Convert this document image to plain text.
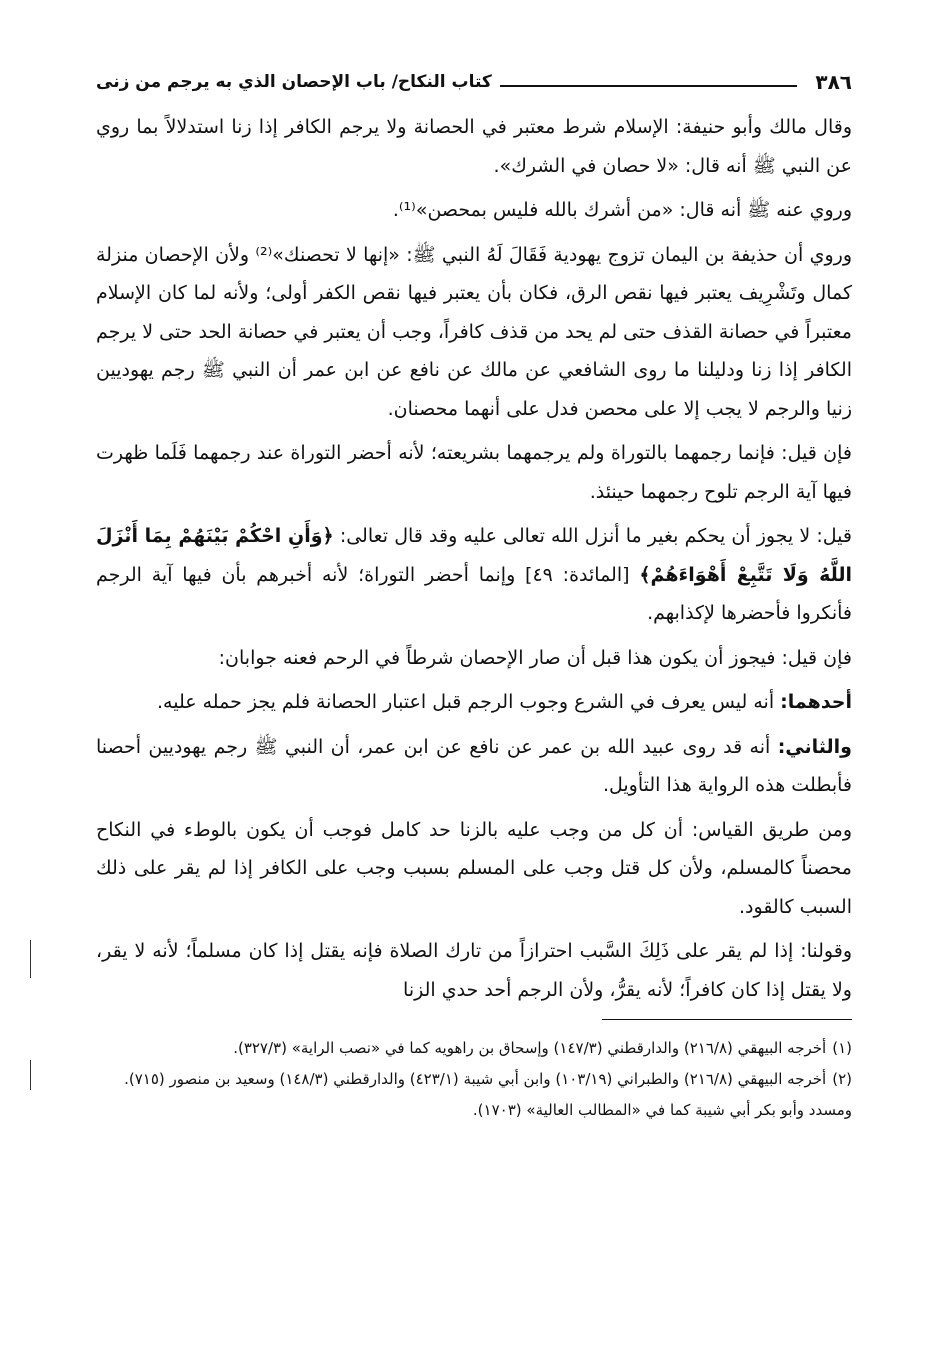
٣٨٦
كتاب النكاح/ باب الإحصان الذي به يرجم من زنى

وقال مالك وأبو حنيفة: الإسلام شرط معتبر في الحصانة ولا يرجم الكافر إذا زنا استدلالاً بما روي عن النبي ﷺ أنه قال: «لا حصان في الشرك».

وروي عنه ﷺ أنه قال: «من أشرك بالله فليس بمحصن»⁽¹⁾.

وروي أن حذيفة بن اليمان تزوج يهودية فَقَالَ لَهُ النبي ﷺ: «إنها لا تحصنك»⁽²⁾ ولأن الإحصان منزلة كمال وتَشْرِيف يعتبر فيها نقص الرق، فكان بأن يعتبر فيها نقص الكفر أولى؛ ولأنه لما كان الإسلام معتبراً في حصانة القذف حتى لم يحد من قذف كافراً، وجب أن يعتبر في حصانة الحد حتى لا يرجم الكافر إذا زنا ودليلنا ما روى الشافعي عن مالك عن نافع عن ابن عمر أن النبي ﷺ رجم يهوديين زنيا والرجم لا يجب إلا على محصن فدل على أنهما محصنان.

فإن قيل: فإنما رجمهما بالتوراة ولم يرجمهما بشريعته؛ لأنه أحضر التوراة عند رجمهما فَلَما ظهرت فيها آية الرجم تلوح رجمهما حينئذ.

قيل: لا يجوز أن يحكم بغير ما أنزل الله تعالى عليه وقد قال تعالى: ﴿وَأَنِ احْكُمْ بَيْنَهُمْ بِمَا أَنْزَلَ اللَّهُ وَلَا تَتَّبِعْ أَهْوَاءَهُمْ﴾ [المائدة: ٤٩] وإنما أحضر التوراة؛ لأنه أخبرهم بأن فيها آية الرجم فأنكروا فأحضرها لإكذابهم.

فإن قيل: فيجوز أن يكون هذا قبل أن صار الإحصان شرطاً في الرحم فعنه جوابان:

أحدهما: أنه ليس يعرف في الشرع وجوب الرجم قبل اعتبار الحصانة فلم يجز حمله عليه.

والثاني: أنه قد روى عبيد الله بن عمر عن نافع عن ابن عمر، أن النبي ﷺ رجم يهوديين أحصنا فأبطلت هذه الرواية هذا التأويل.

ومن طريق القياس: أن كل من وجب عليه بالزنا حد كامل فوجب أن يكون بالوطء في النكاح محصناً كالمسلم، ولأن كل قتل وجب على المسلم بسبب وجب على الكافر إذا لم يقر على ذلك السبب كالقود.

وقولنا: إذا لم يقر على ذَلِكَ السَّبب احترازاً من تارك الصلاة فإنه يقتل إذا كان مسلماً؛ لأنه لا يقر، ولا يقتل إذا كان كافراً؛ لأنه يقرُّ، ولأن الرجم أحد حدي الزنا

(١)أخرجه البيهقي (٢١٦/٨) والدارقطني (١٤٧/٣) وإسحاق بن راهويه كما في «نصب الراية» (٣٢٧/٣).

(٢)أخرجه البيهقي (٢١٦/٨) والطبراني (١٠٣/١٩) وابن أبي شيبة (٤٢٣/١) والدارقطني (١٤٨/٣) وسعيد بن منصور (٧١٥).

ومسدد وأبو بكر أبي شيبة كما في «المطالب العالية» (١٧٠٣).
